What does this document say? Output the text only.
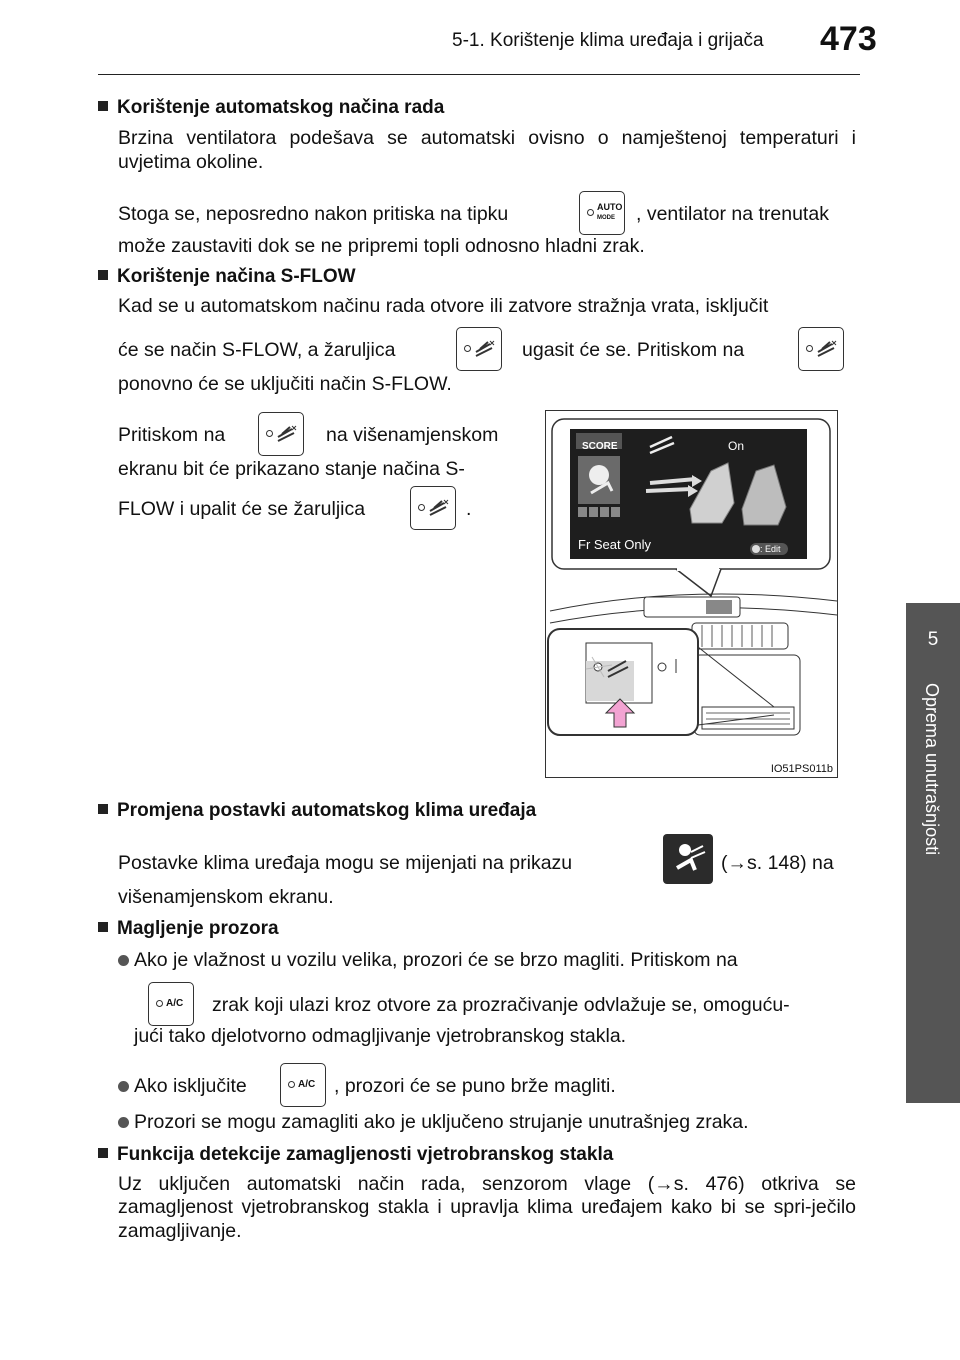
5-1. Korištenje klima uređaja i grijača 473
5
Oprema unutrašnjosti
Korištenje automatskog načina rada
Brzina ventilatora podešava se automatski ovisno o namještenoj temperaturi i uvjetima okoline.
Stoga se, neposredno nakon pritiska na tipku	AUTO
MODE	, ventilator na trenutak
može zaustaviti dok se ne pripremi topli odnosno hladni zrak.
Korištenje načina S-FLOW
Kad se u automatskom načinu rada otvore ili zatvore stražnja vrata, isključit
će se način S-FLOW, a žaruljica	ugasit će se. Pritiskom na
ponovno će se uključiti način S-FLOW.
Pritiskom na	na višenamjenskom
ekranu bit će prikazano stanje načina S-
FLOW i upalit će se žaruljica	.
SCORE	On
Fr Seat Only	: Edit
IO51PS011b
Promjena postavki automatskog klima uređaja
Postavke klima uređaja mogu se mijenjati na prikazu	(→s. 148) na
višenamjenskom ekranu.
Magljenje prozora
Ako je vlažnost u vozilu velika, prozori će se brzo magliti. Pritiskom na
A/C zrak koji ulazi kroz otvore za prozračivanje odvlažuje se, omoguću-
jući tako djelotvorno odmagljivanje vjetrobranskog stakla.
Ako isključite	A/C , prozori će se puno brže magliti.
Prozori se mogu zamagliti ako je uključeno strujanje unutrašnjeg zraka.
Funkcija detekcije zamagljenosti vjetrobranskog stakla
Uz uključen automatski način rada, senzorom vlage (→s. 476) otkriva se zamagljenost vjetrobranskog stakla i upravlja klima uređajem kako bi se spri-ječilo zamagljivanje.
